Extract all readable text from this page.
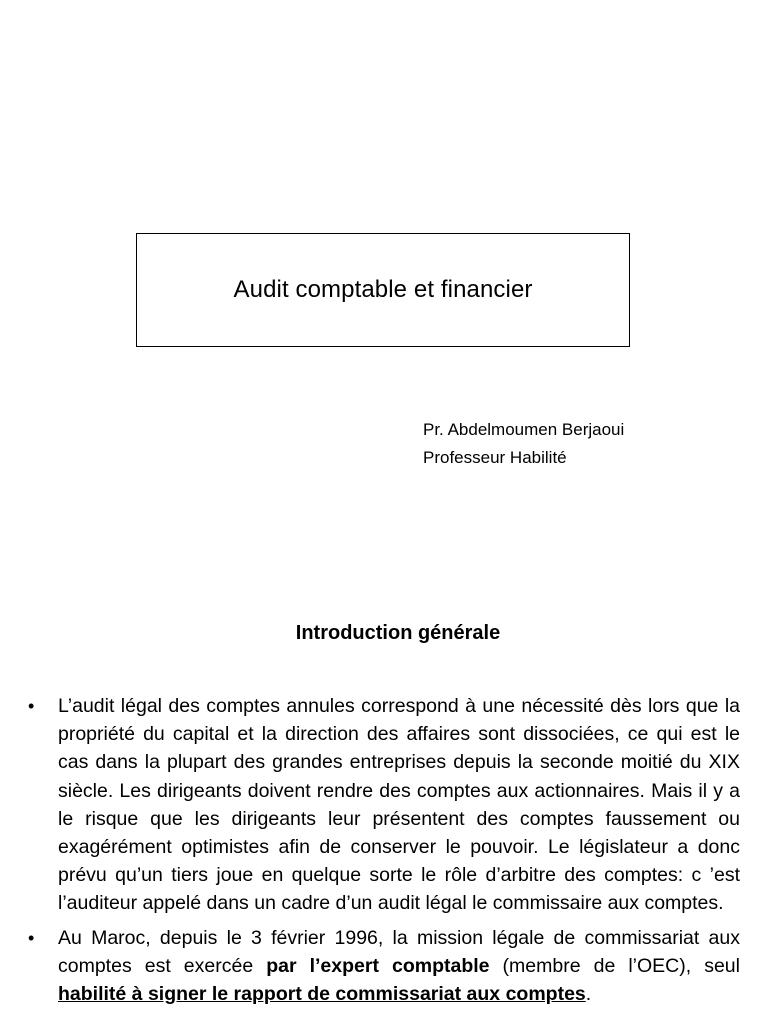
Audit comptable et financier
Pr. Abdelmoumen Berjaoui
Professeur Habilité
Introduction générale
• L’audit légal des comptes annules correspond à une nécessité dès lors que la propriété du capital et la direction des affaires sont dissociées, ce qui est le cas dans la plupart des grandes entreprises depuis la seconde moitié du XIX siècle. Les dirigeants doivent rendre des comptes aux actionnaires. Mais il y a le risque que les dirigeants leur présentent des comptes faussement ou exagérément optimistes afin de conserver le pouvoir. Le législateur a donc prévu qu’un tiers joue en quelque sorte le rôle d’arbitre des comptes: c ’est l’auditeur appelé dans un cadre d’un audit légal le commissaire aux comptes.
• Au Maroc, depuis le 3 février 1996, la mission légale de commissariat aux comptes est exercée par l’expert comptable (membre de l’OEC), seul habilité à signer le rapport de commissariat aux comptes.
